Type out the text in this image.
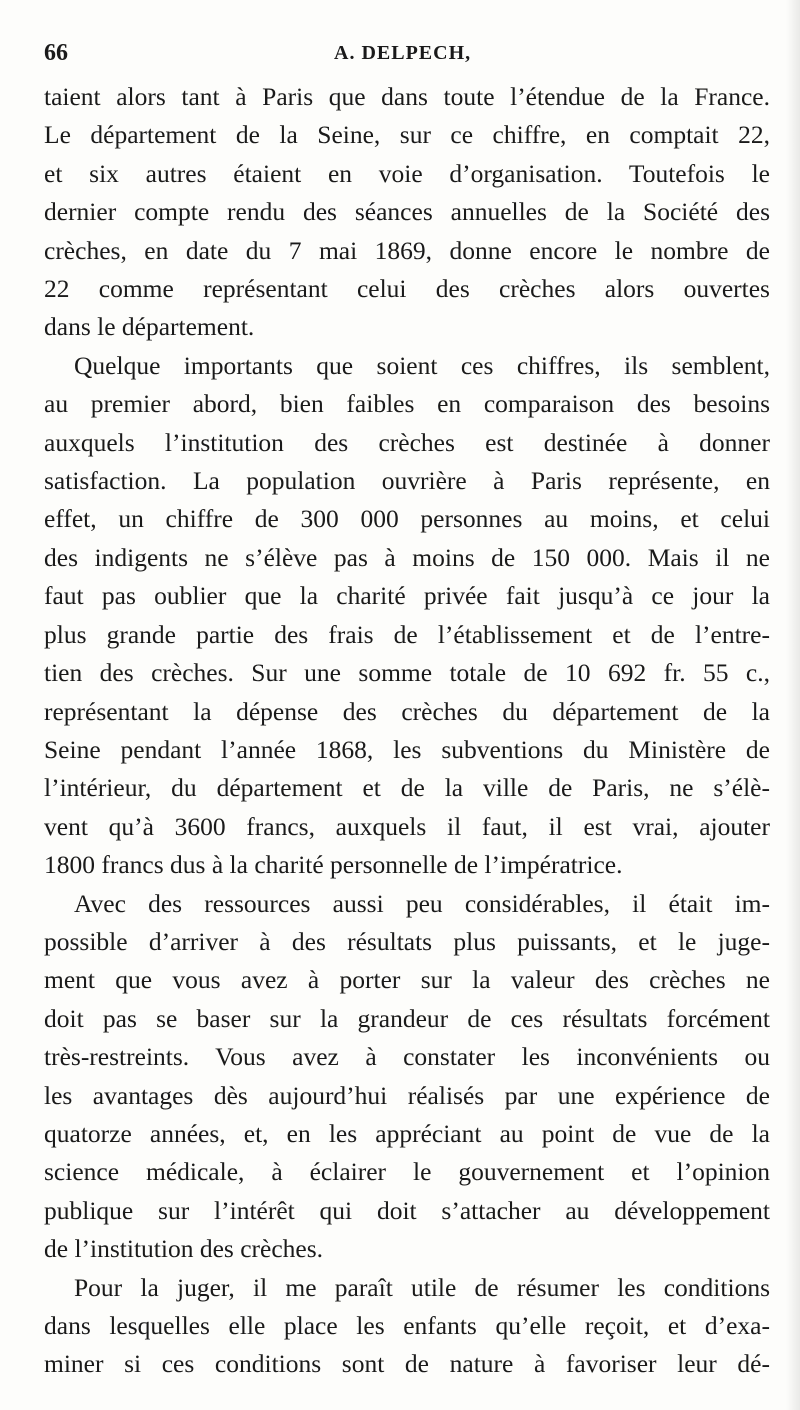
66	A. DELPECH,
taient alors tant à Paris que dans toute l’étendue de la France.
Le département de la Seine, sur ce chiffre, en comptait 22,
et six autres étaient en voie d’organisation. Toutefois le
dernier compte rendu des séances annuelles de la Société des
crèches, en date du 7 mai 1869, donne encore le nombre de
22 comme représentant celui des crèches alors ouvertes
dans le département.
Quelque importants que soient ces chiffres, ils semblent,
au premier abord, bien faibles en comparaison des besoins
auxquels l’institution des crèches est destinée à donner
satisfaction. La population ouvrière à Paris représente, en
effet, un chiffre de 300 000 personnes au moins, et celui
des indigents ne s’élève pas à moins de 150 000. Mais il ne
faut pas oublier que la charité privée fait jusqu’à ce jour la
plus grande partie des frais de l’établissement et de l’entre-
tien des crèches. Sur une somme totale de 10 692 fr. 55 c.,
représentant la dépense des crèches du département de la
Seine pendant l’année 1868, les subventions du Ministère de
l’intérieur, du département et de la ville de Paris, ne s’élè-
vent qu’à 3600 francs, auxquels il faut, il est vrai, ajouter
1800 francs dus à la charité personnelle de l’impératrice.
Avec des ressources aussi peu considérables, il était im-
possible d’arriver à des résultats plus puissants, et le juge-
ment que vous avez à porter sur la valeur des crèches ne
doit pas se baser sur la grandeur de ces résultats forcément
très-restreints. Vous avez à constater les inconvénients ou
les avantages dès aujourd’hui réalisés par une expérience de
quatorze années, et, en les appréciant au point de vue de la
science médicale, à éclairer le gouvernement et l’opinion
publique sur l’intérêt qui doit s’attacher au développement
de l’institution des crèches.
Pour la juger, il me paraît utile de résumer les conditions
dans lesquelles elle place les enfants qu’elle reçoit, et d’exa-
miner si ces conditions sont de nature à favoriser leur dé-
